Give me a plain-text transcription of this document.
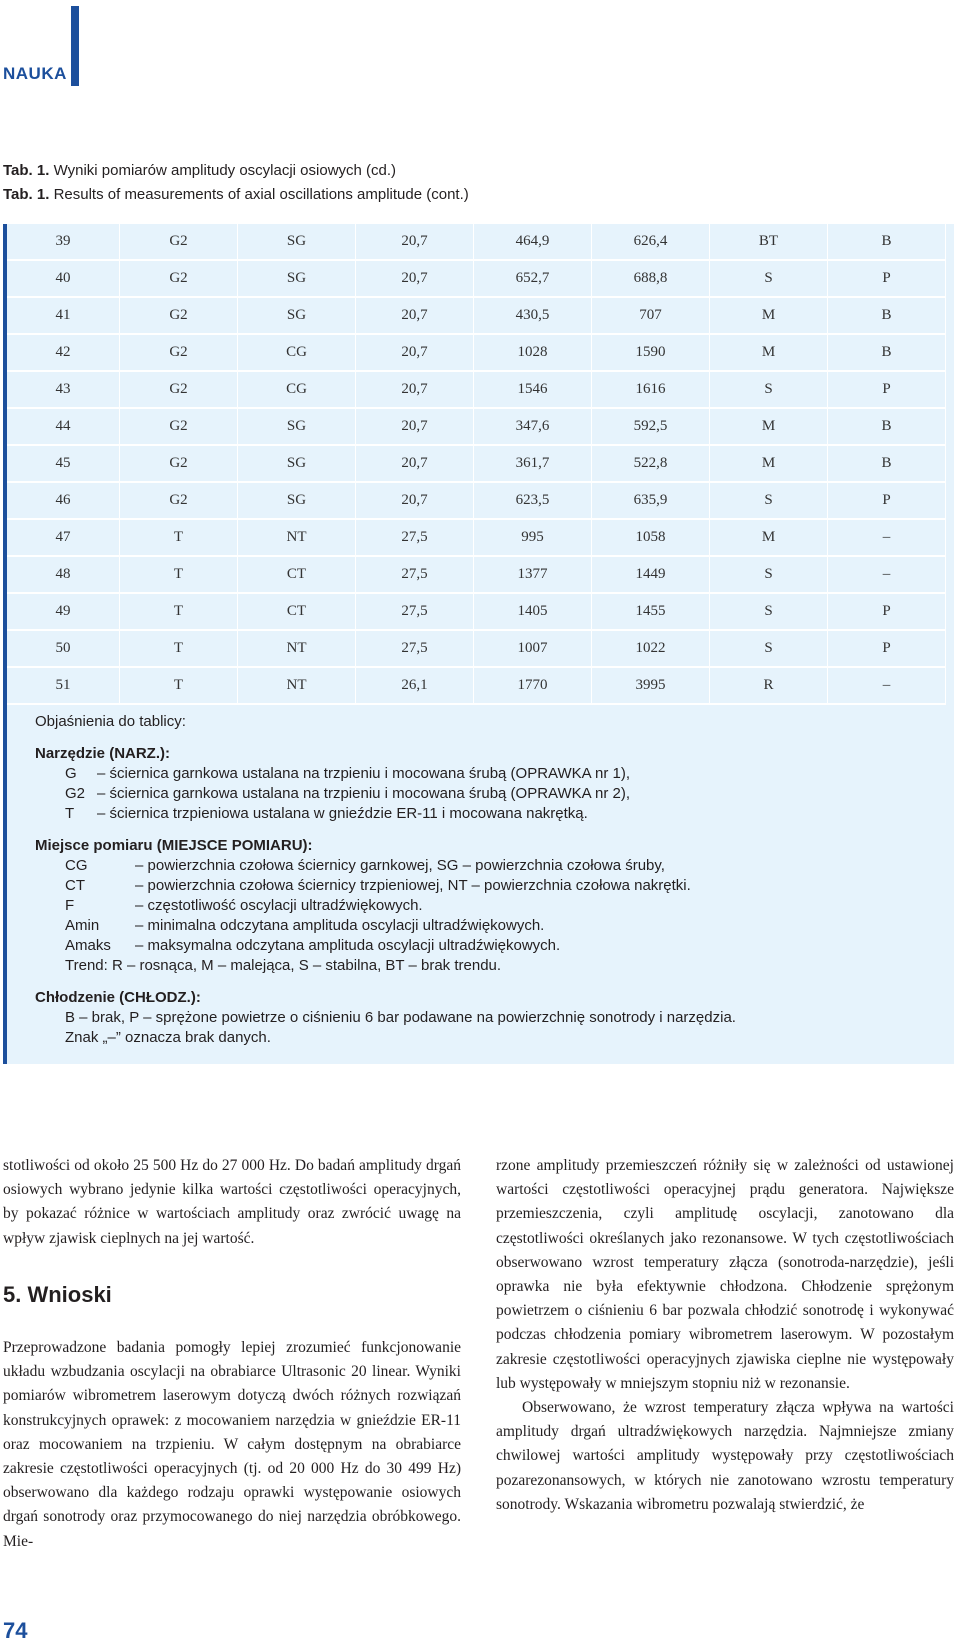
NAUKA
Tab. 1. Wyniki pomiarów amplitudy oscylacji osiowych (cd.)
Tab. 1. Results of measurements of axial oscillations amplitude (cont.)
39	G2	SG	20,7	464,9	626,4	BT	B
40	G2	SG	20,7	652,7	688,8	S	P
41	G2	SG	20,7	430,5	707	M	B
42	G2	CG	20,7	1028	1590	M	B
43	G2	CG	20,7	1546	1616	S	P
44	G2	SG	20,7	347,6	592,5	M	B
45	G2	SG	20,7	361,7	522,8	M	B
46	G2	SG	20,7	623,5	635,9	S	P
47	T	NT	27,5	995	1058	M	–
48	T	CT	27,5	1377	1449	S	–
49	T	CT	27,5	1405	1455	S	P
50	T	NT	27,5	1007	1022	S	P
51	T	NT	26,1	1770	3995	R	–

Objaśnienia do tablicy:

Narzędzie (NARZ.):

G	– ściernica garnkowa ustalana na trzpieniu i mocowana śrubą (OPRAWKA nr 1),
G2 – ściernica garnkowa ustalana na trzpieniu i mocowana śrubą (OPRAWKA nr 2),
T	– ściernica trzpieniowa ustalana w gnieździe ER-11 i mocowana nakrętką.

Miejsce pomiaru (MIEJSCE POMIARU):

CG	– powierzchnia czołowa ściernicy garnkowej, SG – powierzchnia czołowa śruby,
CT	– powierzchnia czołowa ściernicy trzpieniowej, NT – powierzchnia czołowa nakrętki.
F	– częstotliwość oscylacji ultradźwiękowych.
Amin	– minimalna odczytana amplituda oscylacji ultradźwiękowych.
Amaks	– maksymalna odczytana amplituda oscylacji ultradźwiękowych.
Trend: R – rosnąca, M – malejąca, S – stabilna, BT – brak trendu.

Chłodzenie (CHŁODZ.):

B – brak, P – sprężone powietrze o ciśnieniu 6 bar podawane na powierzchnię sonotrody i narzędzia.
Znak „–” oznacza brak danych.

stotliwości od około 25 500 Hz do 27 000 Hz. Do badań amplitudy drgań osiowych wybrano jedynie kilka wartości częstotliwości operacyjnych, by pokazać różnice w wartościach amplitudy oraz zwrócić uwagę na wpływ zjawisk cieplnych na jej wartość.

5. Wnioski

Przeprowadzone badania pomogły lepiej zrozumieć funkcjonowanie układu wzbudzania oscylacji na obrabiarce Ultrasonic 20 linear. Wyniki pomiarów wibrometrem laserowym dotyczą dwóch różnych rozwiązań konstrukcyjnych oprawek: z mocowaniem narzędzia w gnieździe ER-11 oraz mocowaniem na trzpieniu. W całym dostępnym na obrabiarce zakresie częstotliwości operacyjnych (tj. od 20 000 Hz do 30 499 Hz) obserwowano dla każdego rodzaju oprawki występowanie osiowych drgań sonotrody oraz przymocowanego do niej narzędzia obróbkowego. Mie-

rzone amplitudy przemieszczeń różniły się w zależności od ustawionej wartości częstotliwości operacyjnej prądu generatora. Największe przemieszczenia, czyli amplitudę oscylacji, zanotowano dla częstotliwości określanych jako rezonansowe. W tych częstotliwościach obserwowano wzrost temperatury złącza (sonotroda-narzędzie), jeśli oprawka nie była efektywnie chłodzona. Chłodzenie sprężonym powietrzem o ciśnieniu 6 bar pozwala chłodzić sonotrodę i wykonywać podczas chłodzenia pomiary wibrometrem laserowym. W pozostałym zakresie częstotliwości operacyjnych zjawiska cieplne nie występowały lub występowały w mniejszym stopniu niż w rezonansie.

Obserwowano, że wzrost temperatury złącza wpływa na wartości amplitudy drgań ultradźwiękowych narzędzia. Najmniejsze zmiany chwilowej wartości amplitudy występowały przy częstotliwościach pozarezonansowych, w których nie zanotowano wzrostu temperatury sonotrody. Wskazania wibrometru pozwalają stwierdzić, że

74
